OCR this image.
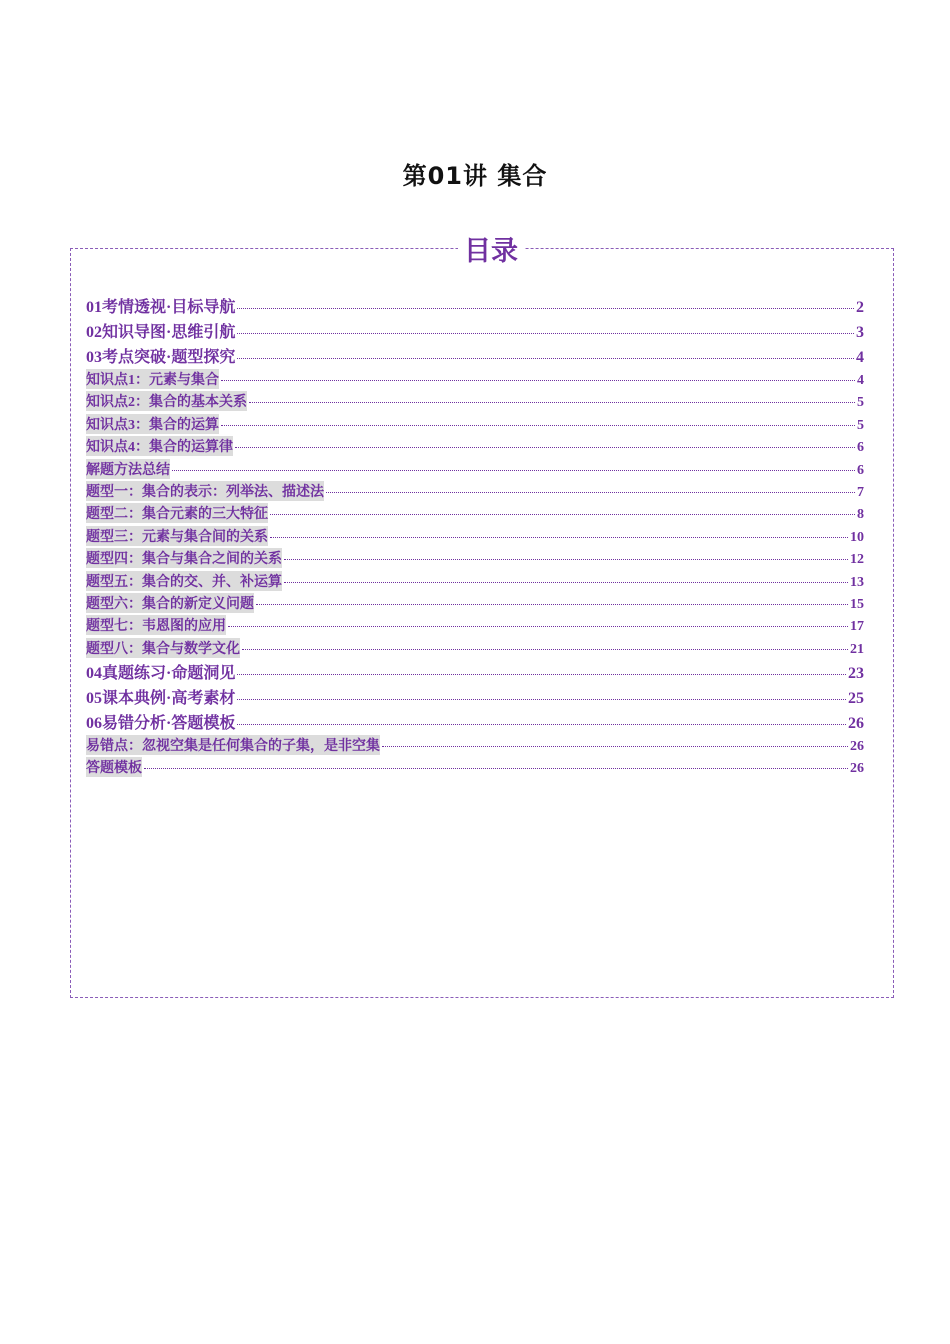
第01讲 集合
目录
01考情透视·目标导航	2
02知识导图·思维引航	3
03考点突破·题型探究	4
知识点1：元素与集合	4
知识点2：集合的基本关系	5
知识点3：集合的运算	5
知识点4：集合的运算律	6
解题方法总结	6
题型一：集合的表示：列举法、描述法	7
题型二：集合元素的三大特征	8
题型三：元素与集合间的关系	10
题型四：集合与集合之间的关系	12
题型五：集合的交、并、补运算	13
题型六：集合的新定义问题	15
题型七：韦恩图的应用	17
题型八：集合与数学文化	21
04真题练习·命题洞见	23
05课本典例·高考素材	25
06易错分析·答题模板	26
易错点：忽视空集是任何集合的子集，是非空集	26
答题模板	26
